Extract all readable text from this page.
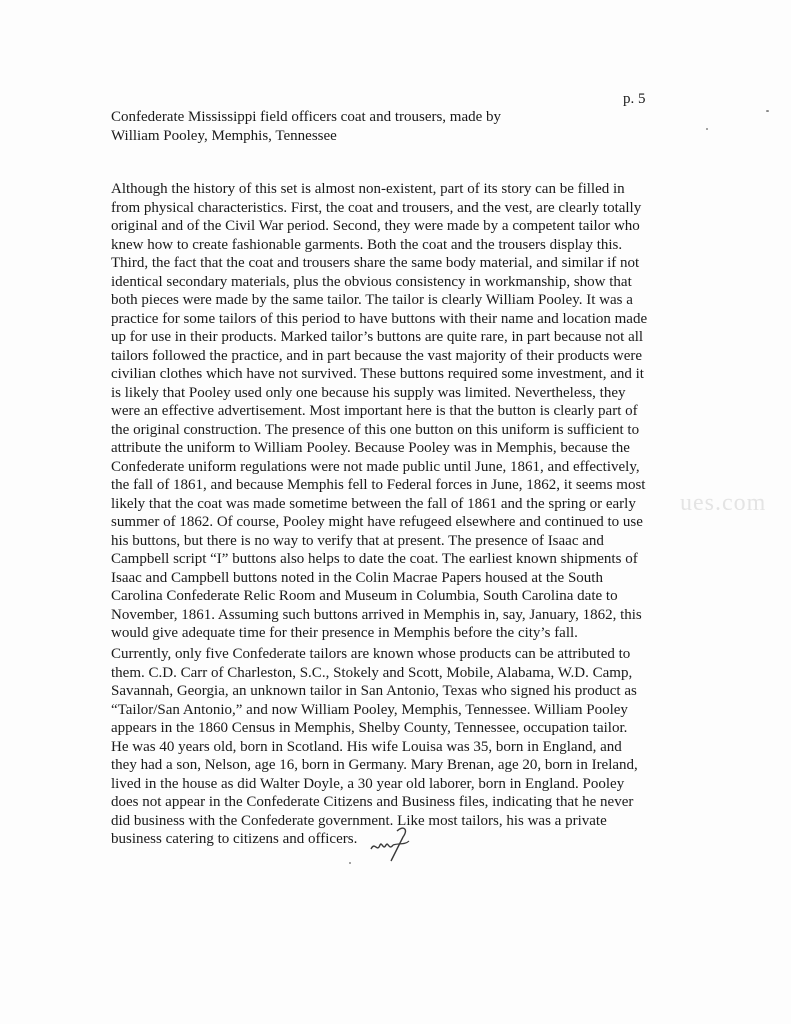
p. 5
Confederate Mississippi field officers coat and trousers, made by
William Pooley, Memphis, Tennessee
Although the history of this set is almost non-existent, part of its story can be filled in
from physical characteristics. First, the coat and trousers, and the vest, are clearly totally
original and of the Civil War period. Second, they were made by a competent tailor who
knew how to create fashionable garments. Both the coat and the trousers display this.
Third, the fact that the coat and trousers share the same body material, and similar if not
identical secondary materials, plus the obvious consistency in workmanship, show that
both pieces were made by the same tailor. The tailor is clearly William Pooley. It was a
practice for some tailors of this period to have buttons with their name and location made
up for use in their products. Marked tailor’s buttons are quite rare, in part because not all
tailors followed the practice, and in part because the vast majority of their products were
civilian clothes which have not survived. These buttons required some investment, and it
is likely that Pooley used only one because his supply was limited. Nevertheless, they
were an effective advertisement. Most important here is that the button is clearly part of
the original construction. The presence of this one button on this uniform is sufficient to
attribute the uniform to William Pooley. Because Pooley was in Memphis, because the
Confederate uniform regulations were not made public until June, 1861, and effectively,
the fall of 1861, and because Memphis fell to Federal forces in June, 1862, it seems most
likely that the coat was made sometime between the fall of 1861 and the spring or early
summer of 1862. Of course, Pooley might have refugeed elsewhere and continued to use
his buttons, but there is no way to verify that at present. The presence of Isaac and
Campbell script “I” buttons also helps to date the coat. The earliest known shipments of
Isaac and Campbell buttons noted in the Colin Macrae Papers housed at the South
Carolina Confederate Relic Room and Museum in Columbia, South Carolina date to
November, 1861. Assuming such buttons arrived in Memphis in, say, January, 1862, this
would give adequate time for their presence in Memphis before the city’s fall.
Currently, only five Confederate tailors are known whose products can be attributed to
them. C.D. Carr of Charleston, S.C., Stokely and Scott, Mobile, Alabama, W.D. Camp,
Savannah, Georgia, an unknown tailor in San Antonio, Texas who signed his product as
“Tailor/San Antonio,” and now William Pooley, Memphis, Tennessee. William Pooley
appears in the 1860 Census in Memphis, Shelby County, Tennessee, occupation tailor.
He was 40 years old, born in Scotland. His wife Louisa was 35, born in England, and
they had a son, Nelson, age 16, born in Germany. Mary Brenan, age 20, born in Ireland,
lived in the house as did Walter Doyle, a 30 year old laborer, born in England. Pooley
does not appear in the Confederate Citizens and Business files, indicating that he never
did business with the Confederate government. Like most tailors, his was a private
business catering to citizens and officers.
ues.com
